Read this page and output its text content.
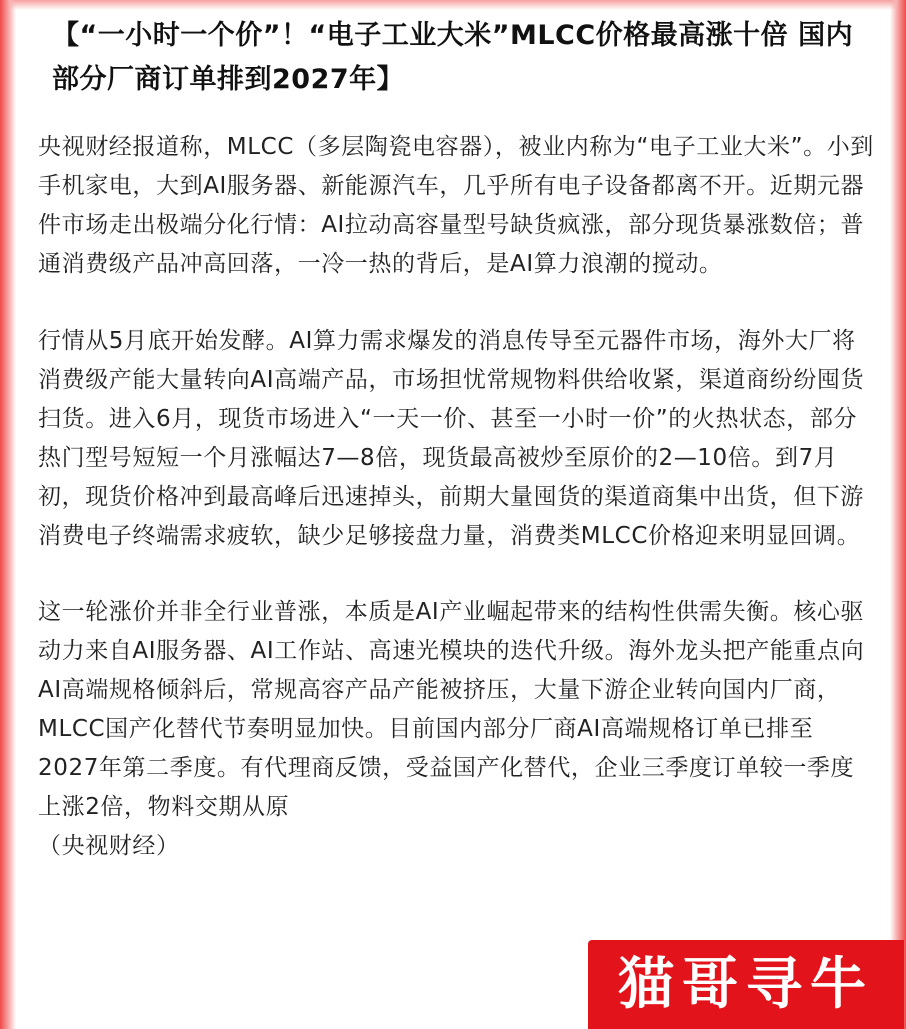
【“一小时一个价”！“电子工业大米”MLCC价格最高涨十倍 国内部分厂商订单排到2027年】

央视财经报道称，MLCC（多层陶瓷电容器），被业内称为“电子工业大米”。小到手机家电，大到AI服务器、新能源汽车，几乎所有电子设备都离不开。近期元器件市场走出极端分化行情：AI拉动高容量型号缺货疯涨，部分现货暴涨数倍；普通消费级产品冲高回落，一冷一热的背后，是AI算力浪潮的搅动。

行情从5月底开始发酵。AI算力需求爆发的消息传导至元器件市场，海外大厂将消费级产能大量转向AI高端产品，市场担忧常规物料供给收紧，渠道商纷纷囤货扫货。进入6月，现货市场进入“一天一价、甚至一小时一价”的火热状态，部分热门型号短短一个月涨幅达7—8倍，现货最高被炒至原价的2—10倍。到7月初，现货价格冲到最高峰后迅速掉头，前期大量囤货的渠道商集中出货，但下游消费电子终端需求疲软，缺少足够接盘力量，消费类MLCC价格迎来明显回调。

这一轮涨价并非全行业普涨，本质是AI产业崛起带来的结构性供需失衡。核心驱动力来自AI服务器、AI工作站、高速光模块的迭代升级。海外龙头把产能重点向AI高端规格倾斜后，常规高容产品产能被挤压，大量下游企业转向国内厂商，MLCC国产化替代节奏明显加快。目前国内部分厂商AI高端规格订单已排至2027年第二季度。有代理商反馈，受益国产化替代，企业三季度订单较一季度上涨2倍，物料交期从原

（央视财经）

猫哥寻牛
